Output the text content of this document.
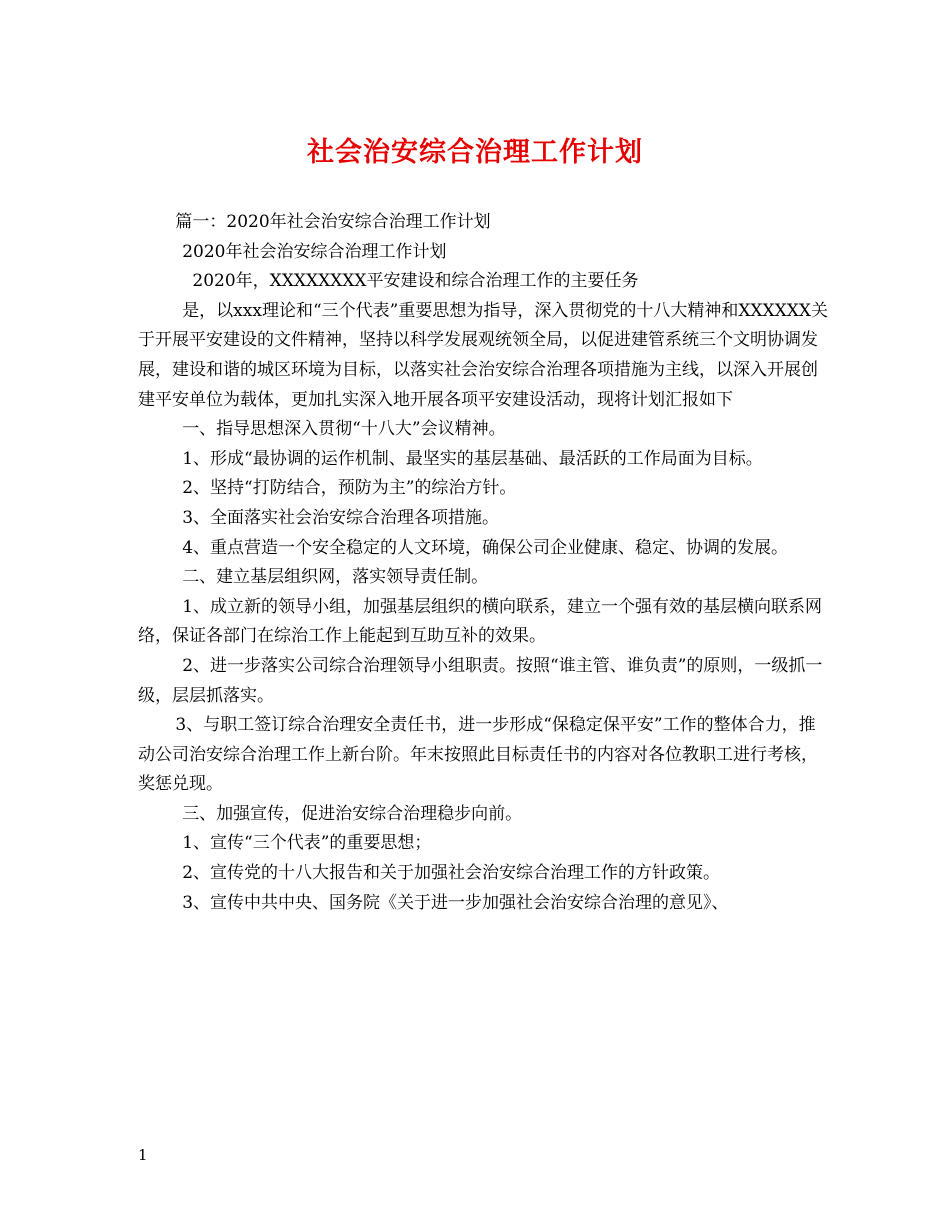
社会治安综合治理工作计划

篇一：2020年社会治安综合治理工作计划

2020年社会治安综合治理工作计划

2020年，XXXXXXXX平安建设和综合治理工作的主要任务

是，以xxx理论和“三个代表”重要思想为指导，深入贯彻党的十八大精神和XXXXXX关于开展平安建设的文件精神，坚持以科学发展观统领全局，以促进建管系统三个文明协调发展，建设和谐的城区环境为目标，以落实社会治安综合治理各项措施为主线，以深入开展创建平安单位为载体，更加扎实深入地开展各项平安建设活动，现将计划汇报如下

一、指导思想深入贯彻“十八大”会议精神。

1、形成“最协调的运作机制、最坚实的基层基础、最活跃的工作局面为目标。

2、坚持“打防结合，预防为主”的综治方针。

3、全面落实社会治安综合治理各项措施。

4、重点营造一个安全稳定的人文环境，确保公司企业健康、稳定、协调的发展。

二、建立基层组织网，落实领导责任制。

1、成立新的领导小组，加强基层组织的横向联系，建立一个强有效的基层横向联系网络，保证各部门在综治工作上能起到互助互补的效果。

2、进一步落实公司综合治理领导小组职责。按照“谁主管、谁负责”的原则，一级抓一级，层层抓落实。

3、与职工签订综合治理安全责任书，进一步形成“保稳定保平安”工作的整体合力，推动公司治安综合治理工作上新台阶。年末按照此目标责任书的内容对各位教职工进行考核，奖惩兑现。

三、加强宣传，促进治安综合治理稳步向前。

1、宣传“三个代表”的重要思想；

2、宣传党的十八大报告和关于加强社会治安综合治理工作的方针政策。

3、宣传中共中央、国务院《关于进一步加强社会治安综合治理的意见》、

1
